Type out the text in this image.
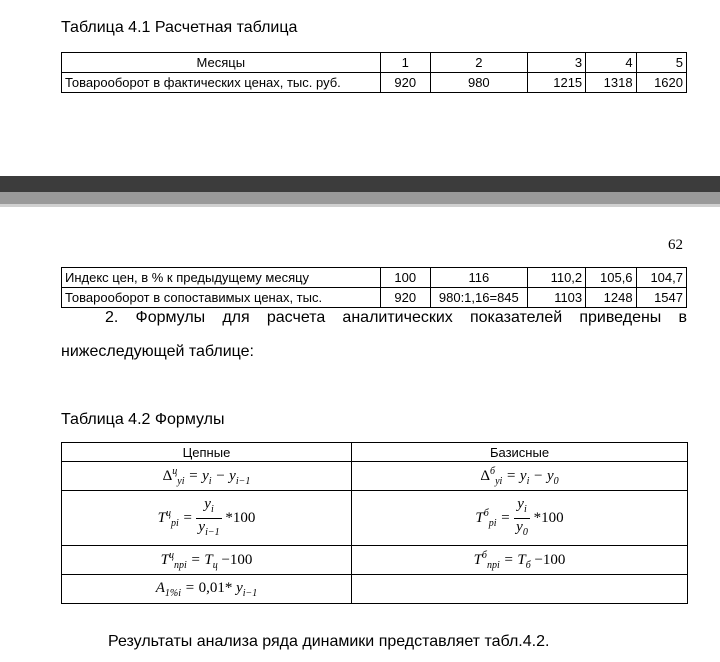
Таблица 4.1 Расчетная таблица
Месяцы	1	2	3	4	5
Товарооборот в фактических ценах, тыс. руб.	920	980	1215	1318	1620
62
Индекс цен, в % к предыдущему месяцу	100	116	110,2	105,6	104,7
Товарооборот в сопоставимых ценах, тыс.	920	980:1,16=845	1103	1248	1547
2. Формулы для расчета аналитических показателей приведены в
нижеследующей таблице:
Таблица 4.2 Формулы
Цепные	Базисные
$\Delta^ц_{yi} = y_i - y_{i-1}$	$\Delta^б_{yi} = y_i - y_0$
$T^ц_{pi} = \frac{y_i}{y_{i-1}} *100$	$T^б_{pi} = \frac{y_i}{y_0} *100$
$T^ц_{npi} = T_ц -100$	$T^б_{npi} = T_б -100$
$A_{1\%i} = 0,01*$ $y_{i-1}$	
Результаты анализа ряда динамики представляет табл.4.2.
